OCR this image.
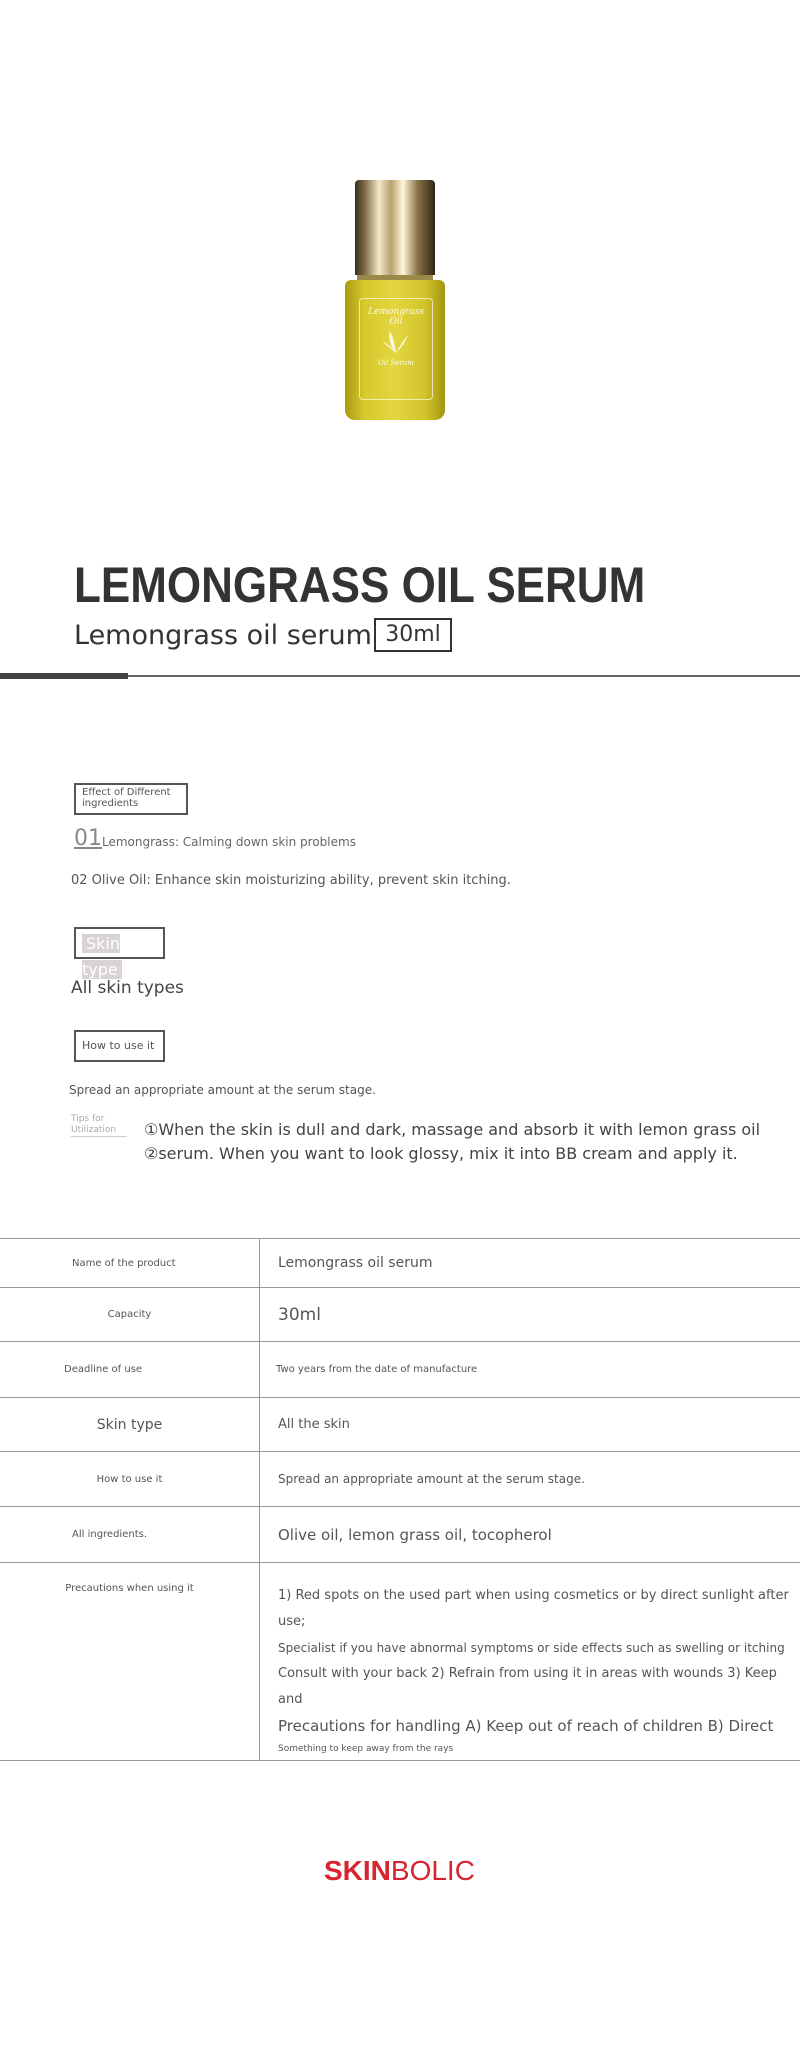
Lemongrass
Oil
Oil Serum
LEMONGRASS OIL SERUM
Lemongrass oil serum 30ml
Effect of Different ingredients
01 Lemongrass: Calming down skin problems
02 Olive Oil: Enhance skin moisturizing ability, prevent skin itching.
Skin type
All skin types
How to use it
Spread an appropriate amount at the serum stage.
Tips for Utilization	①When the skin is dull and dark, massage and absorb it with lemon grass oil
②serum. When you want to look glossy, mix it into BB cream and apply it.
Name of the product	Lemongrass oil serum
Capacity	30ml
Deadline of use	Two years from the date of manufacture
Skin type	All the skin
How to use it	Spread an appropriate amount at the serum stage.
All ingredients.	Olive oil, lemon grass oil, tocopherol
Precautions when using it	1) Red spots on the used part when using cosmetics or by direct sunlight after use;
Specialist if you have abnormal symptoms or side effects such as swelling or itching
Consult with your back 2) Refrain from using it in areas with wounds 3) Keep and
Precautions for handling A) Keep out of reach of children B) Direct
Something to keep away from the rays
SKINBOLIC
